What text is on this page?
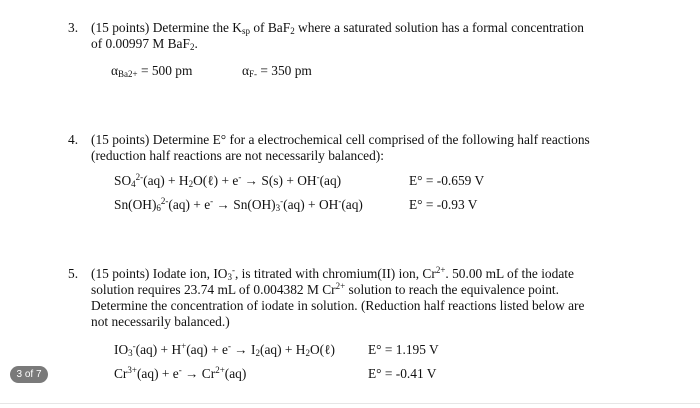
3. (15 points) Determine the $K_{sp}$ of BaF$_2$ where a saturated solution has a formal concentration
of 0.00997 M BaF$_2$.
$\alpha_{Ba2+} = 500$ pm	$\alpha_{F-} = 350$ pm
4. (15 points) Determine E° for a electrochemical cell comprised of the following half reactions
(reduction half reactions are not necessarily balanced):
$SO_4^{2-}(aq)$ + $H_2O(\ell) + e^- \to S(s) + OH^-(aq)$	E° = -0.659 V
$Sn(OH)_6^{2-}(aq) + e^- \to Sn(OH)_3^-(aq) + OH^-(aq)$	E° = -0.93 V
5. (15 points) Iodate ion, $IO_3^-$, is titrated with chromium(II) ion, $Cr^{2+}$. 50.00 mL of the iodate
solution requires 23.74 mL of 0.004382 M $Cr^{2+}$ solution to reach the equivalence point.
Determine the concentration of iodate in solution. (Reduction half reactions listed below are
not necessarily balanced.)
$IO_3^-(aq) + H^+(aq) + e^- \to I_2(aq)$ + $H_2O(\ell) E^\circ = 1.195$ V
$Cr^{3+}(aq) + e^- \to Cr^{2+}(aq)$	E° = -0.41 V
3 of 7
